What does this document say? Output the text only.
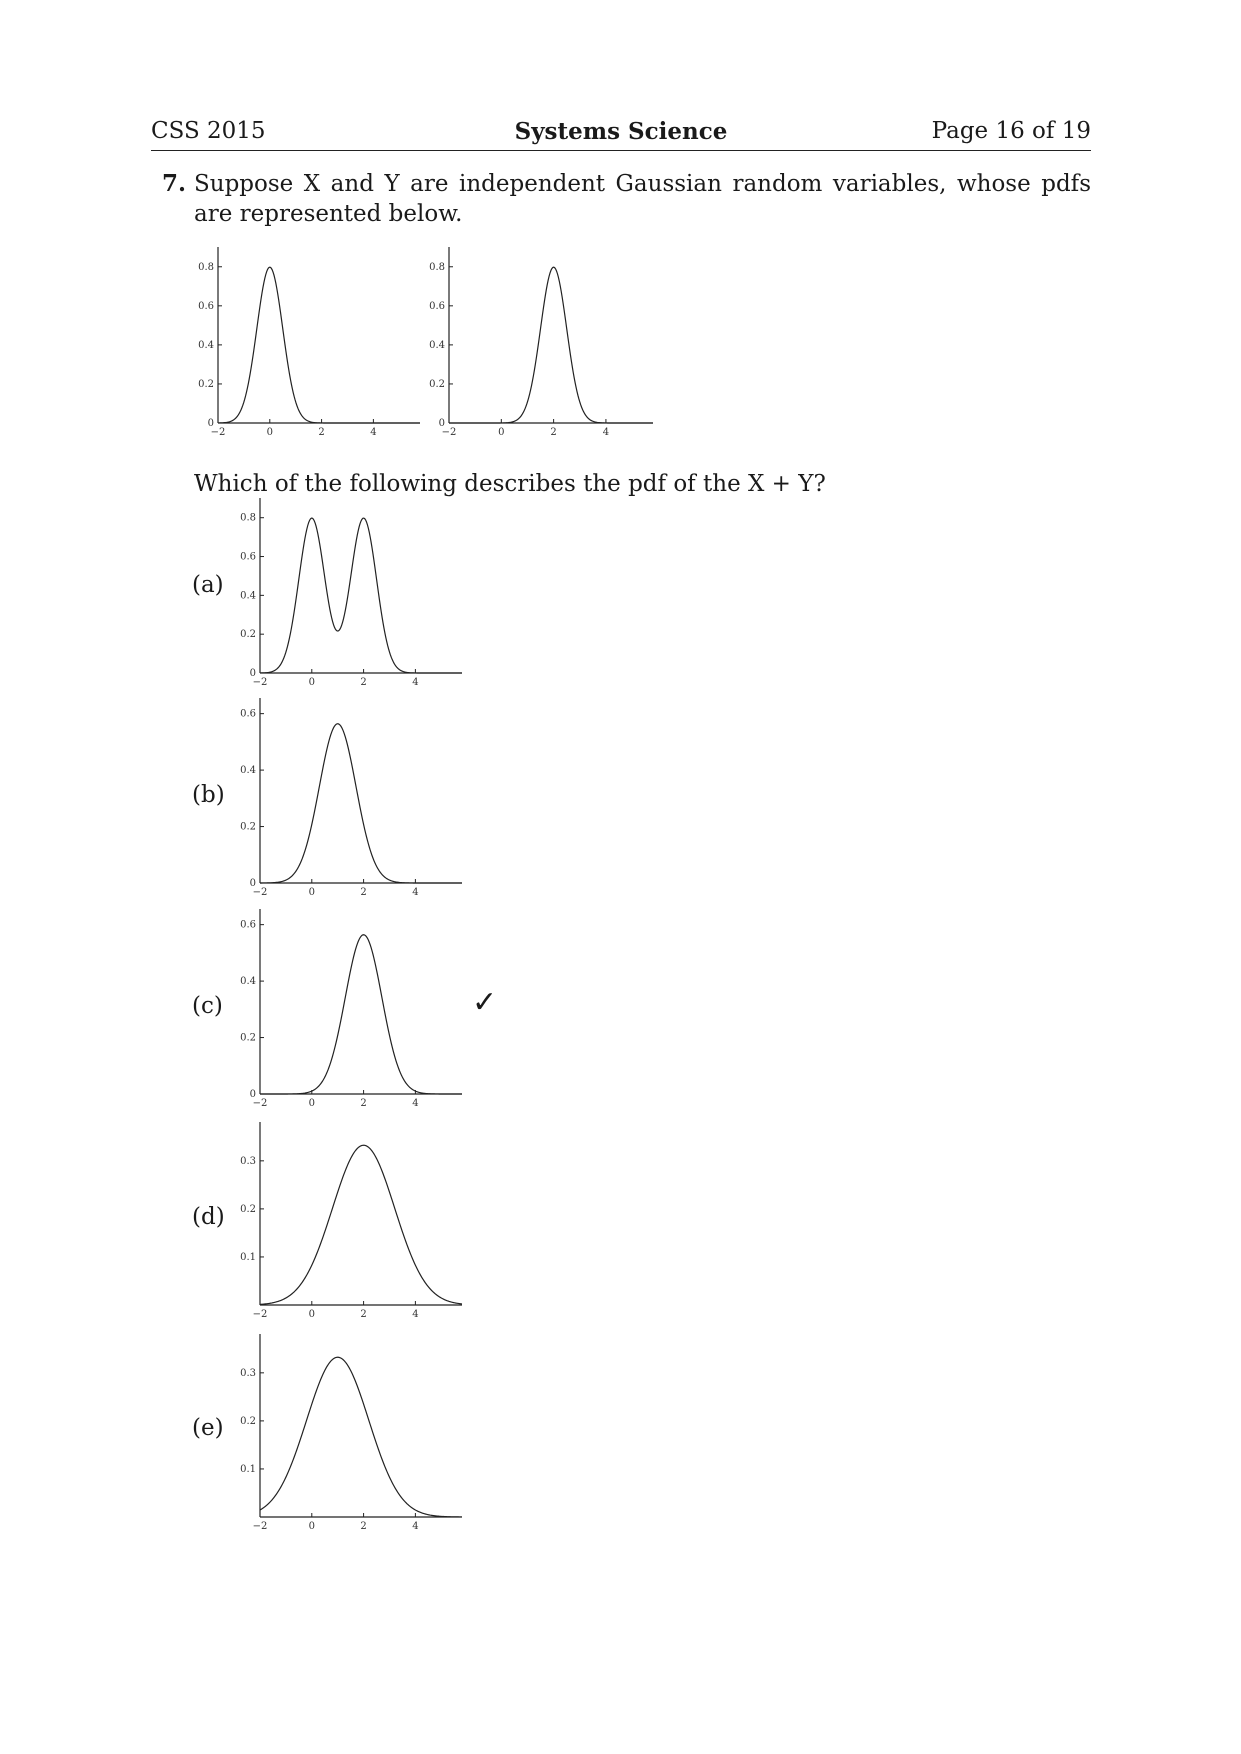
CSS 2015	Systems Science	Page 16 of 19
7. Suppose X and Y are independent Gaussian random variables, whose pdfs are represented below.
Which of the following describes the pdf of the X + Y?
(a)
(b)
(c)
(d)
(e)
✓
−2	0	2	4
0
0.2
0.4
0.6
0.8
−2	0	2	4
0
0.2
0.4
0.6
0.8
−2	0	2	4
0
0.2
0.4
0.6
0.8
−2	0	2	4
0
0.2
0.4
0.6
−2	0	2	4
0
0.2
0.4
0.6
−2	0	2	4
0.1
0.2
0.3
−2	0	2	4
0.1
0.2
0.3
